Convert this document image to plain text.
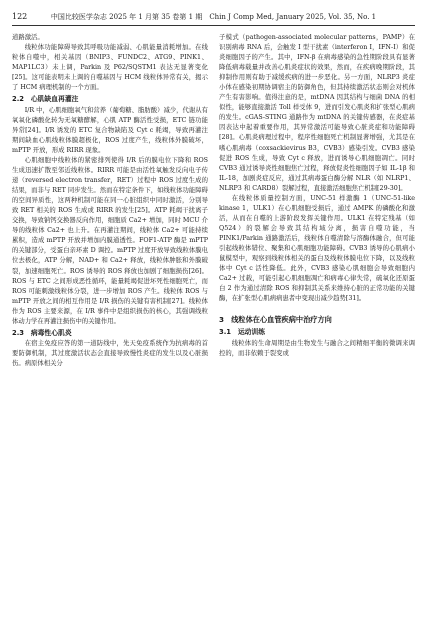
122	中国比较医学杂志 2025 年 1 月第 35 卷第 1 期　Chin J Comp Med, January 2025, Vol. 35, No. 1

道路激活。

线粒体功能障碍导致其呼吸功能减弱、心肌能量消耗增加。在线粒体自噬中，相关基因（BNIP3、FUNDC2、ATG9、PINK1、MAP1LC3）未上调，Parkin 及 P62/SQSTM1 表达无显著变化[25]。这可能表明未上调的自噬基因与 HCM 线粒体异常有关，揭示了 HCM 病理机制的一个方面。

2.2　心肌缺血再灌注

I/R 中，心肌细胞氧气和营养（葡萄糖、脂肪酸）减少，代谢从有氧氧化磷酸化转为无氧糖酵解，心肌 ATP 酶活性受损，ETC 链功能异常[24]。I/R 诱发的 ETC 复合物缺陷及 Cyt c 耗竭，导致再灌注期间缺血心肌线粒体膜超极化，ROS 过度产生，线粒体外膜破坏，mPTP 开放，形成 RIRR 现象。

心肌细胞中线粒体的紧密排列使得 I/R 后的膜电位下降和 ROS 生成迅速扩散至邻近线粒体。RIRR 可能是由活性氧触发反向电子传递（reversed electron transfer，RET）过程中 ROS 过度生成的结果，而非与 RET 同步发生。然而在特定条件下，如线粒体功能障碍的空间异质性，这两种机制可能在同一心脏组织中同时激活，分别导致 RET 相关的 ROS 生成或 RIRR 的发生[25]。ATP 耗竭干扰离子交换，导致钠钙交换器反向作用，细胞质 Ca2+ 增加，同时 MCU 介导的线粒体 Ca2+ 也上升。在再灌注期间，线粒体 Ca2+ 可能持续累积，造成 mPTP 开放并增加内膜通透性。FOF1-ATP 酶是 mPTP 的关键部分，受蛋白亲环素 D 调控。mPTP 过度开放导致线粒体膜电位去极化，ATP 分解，NAD+ 和 Ca2+ 释放，线粒体肿胀和外膜破裂，加速细胞死亡。ROS 诱导的 ROS 释放也加剧了细胞损伤[26]。ROS 与 ETC 之间形成恶性循环，能量耗竭促进坏死性细胞死亡，而 ROS 可能刺激线粒体分裂，进一步增加 ROS 产生。线粒体 ROS 与 mPTP 开放之间的相互作用是 I/R 损伤的关键有害机制[27]。线粒体作为 ROS 主要来源，在 I/R 事件中是组织损伤的核心，其强调线粒体动力学在再灌注损伤中的关键作用。

2.3　病毒性心肌炎

在宿主免疫应答的第一道防线中，先天免疫系统作为抗病毒的首要防御机制，其过度激活状态会直接导致慢性炎症的发生以及心脏损伤。病原体相关分

子模式（pathogen-associated molecular patterns，PAMP）在识别病毒 RNA 后，会触发 I 型干扰素（interferon Ⅰ，IFN-Ⅰ）和促炎细胞因子的产生。其中，IFN-β 在病毒感染的急性期阶段具有显著降低病毒载量并改善心肌炎症状的效果，然而，在疾病晚期阶段，其抑制作用则有助于减缓疾病的进一步恶化。另一方面，NLRP3 炎症小体在感染初期协调宿主的防御角色，但其持续激活状态则会对机体产生有害影响。值得注意的是，mtDNA 因其结构与细菌 DNA 的相似性，能够直接激活 Toll 样受体 9，进而引发心肌炎和扩张型心肌病的发生。cGAS-STING 通路作为 mtDNA 的关键传感器，在炎症基因表达中起着重要作用，其异常激活可能导致心脏炎症和功能障碍[28]。心肌炎病理过程中，程序性细胞死亡机制显著增强，尤其是在嗜心肌病毒（coxsackievirus B3，CVB3）感染引发。CVB3 感染促进 ROS 生成，导致 Cyt c 释放，进而诱导心肌细胞凋亡。同时 CVB3 通过诱导炎性细胞焦亡过程，释放促炎性细胞因子如 IL-1β 和 IL-18，加剧炎症反应，通过其病毒蛋白酶分解 NLR（如 NLRP1、NLRP3 和 CARD8）裂解过程，直接激活细胞焦亡机制[29-30]。

在线粒体质量控制方面，UNC-51 样激酶 1（UNC-51-like kinase 1，ULK1）在心肌细胞受损后，通过 AMPK 的磷酸化和激活，从而在自噬的上游阶段发挥关键作用。ULK1 在特定残基（如 Q524）的裂解会导致其结构域分离，损害自噬功能，当 PINK1/Parkin 通路激活后，线粒体自噬清除与溶酶体融合，但可能引起线粒体错位、聚集和心肌细胞功能障碍。CVB3 诱导的心肌病小鼠模型中，观察到线粒体相关的蛋白及线粒体膜电位下降，以及线粒体中 Cyt c 活性降低。此外，CVB3 感染心肌细胞会导致细胞内 Ca2+ 过载，可能引起心肌细胞凋亡和病毒心律失常，硫氧化还原蛋白 2 作为通过清除 ROS 和抑制其关系来维持心脏的正常功能的关键酶，在扩张型心肌病病患者中变现出减少趋势[31]。

3　线粒体在心血管疾病中治疗方向
3.1　运动训练

线粒体的生命周期是由生物发生与融合之间精细平衡的微调来调控的，而非依赖于裂变或
